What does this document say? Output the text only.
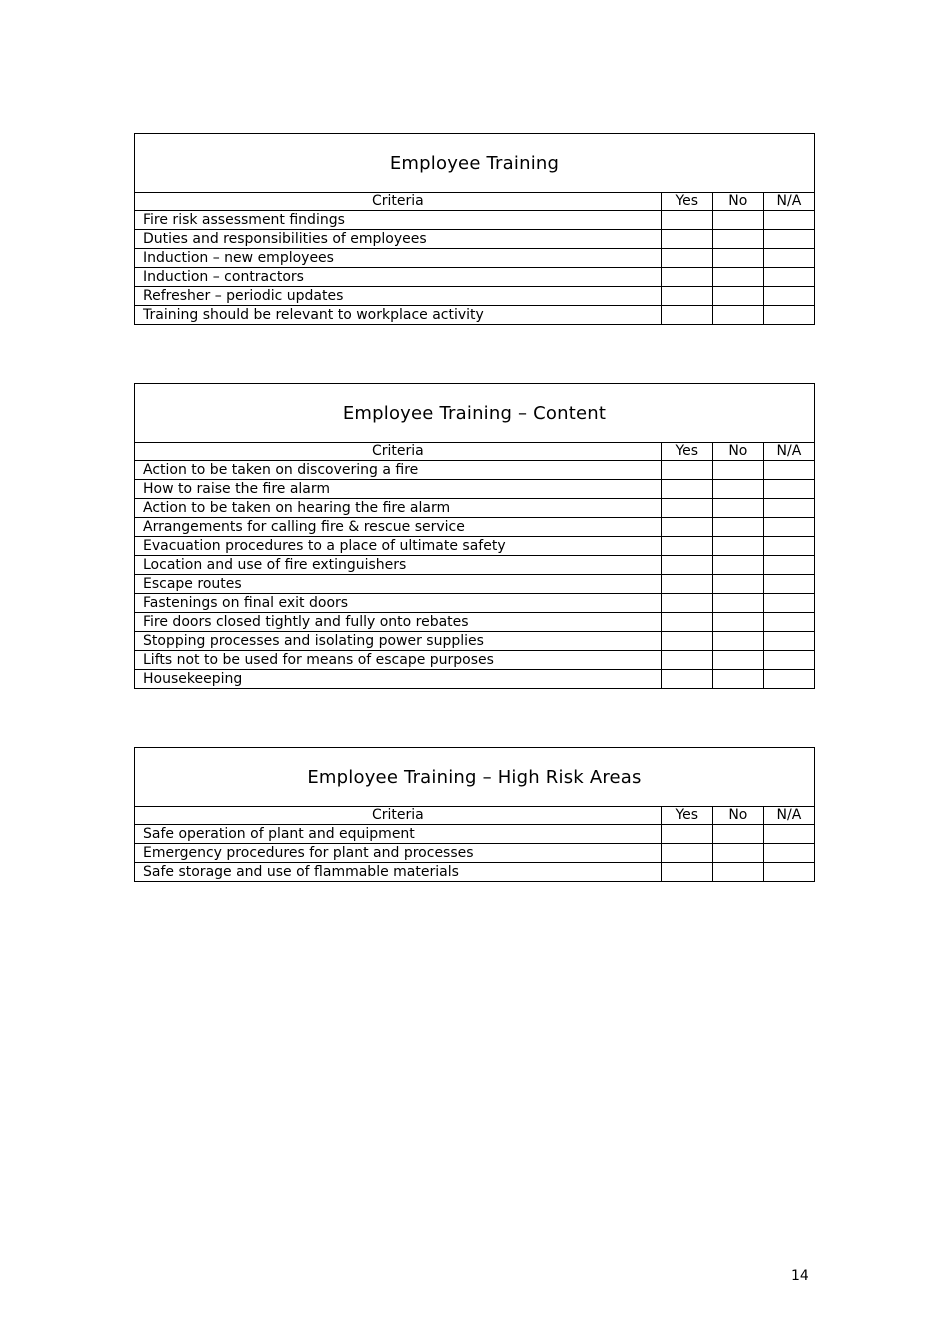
Employee Training			
Criteria	Yes	No	N/A
Fire risk assessment findings			
Duties and responsibilities of employees			
Induction – new employees			
Induction – contractors			
Refresher – periodic updates			
Training should be relevant to workplace activity			
Employee Training – Content			
Criteria	Yes	No	N/A
Action to be taken on discovering a fire			
How to raise the fire alarm			
Action to be taken on hearing the fire alarm			
Arrangements for calling fire & rescue service			
Evacuation procedures to a place of ultimate safety			
Location and use of fire extinguishers			
Escape routes			
Fastenings on final exit doors			
Fire doors closed tightly and fully onto rebates			
Stopping processes and isolating power supplies			
Lifts not to be used for means of escape purposes			
Housekeeping			
Employee Training – High Risk Areas			
Criteria	Yes	No	N/A
Safe operation of plant and equipment			
Emergency procedures for plant and processes			
Safe storage and use of flammable materials			
14
